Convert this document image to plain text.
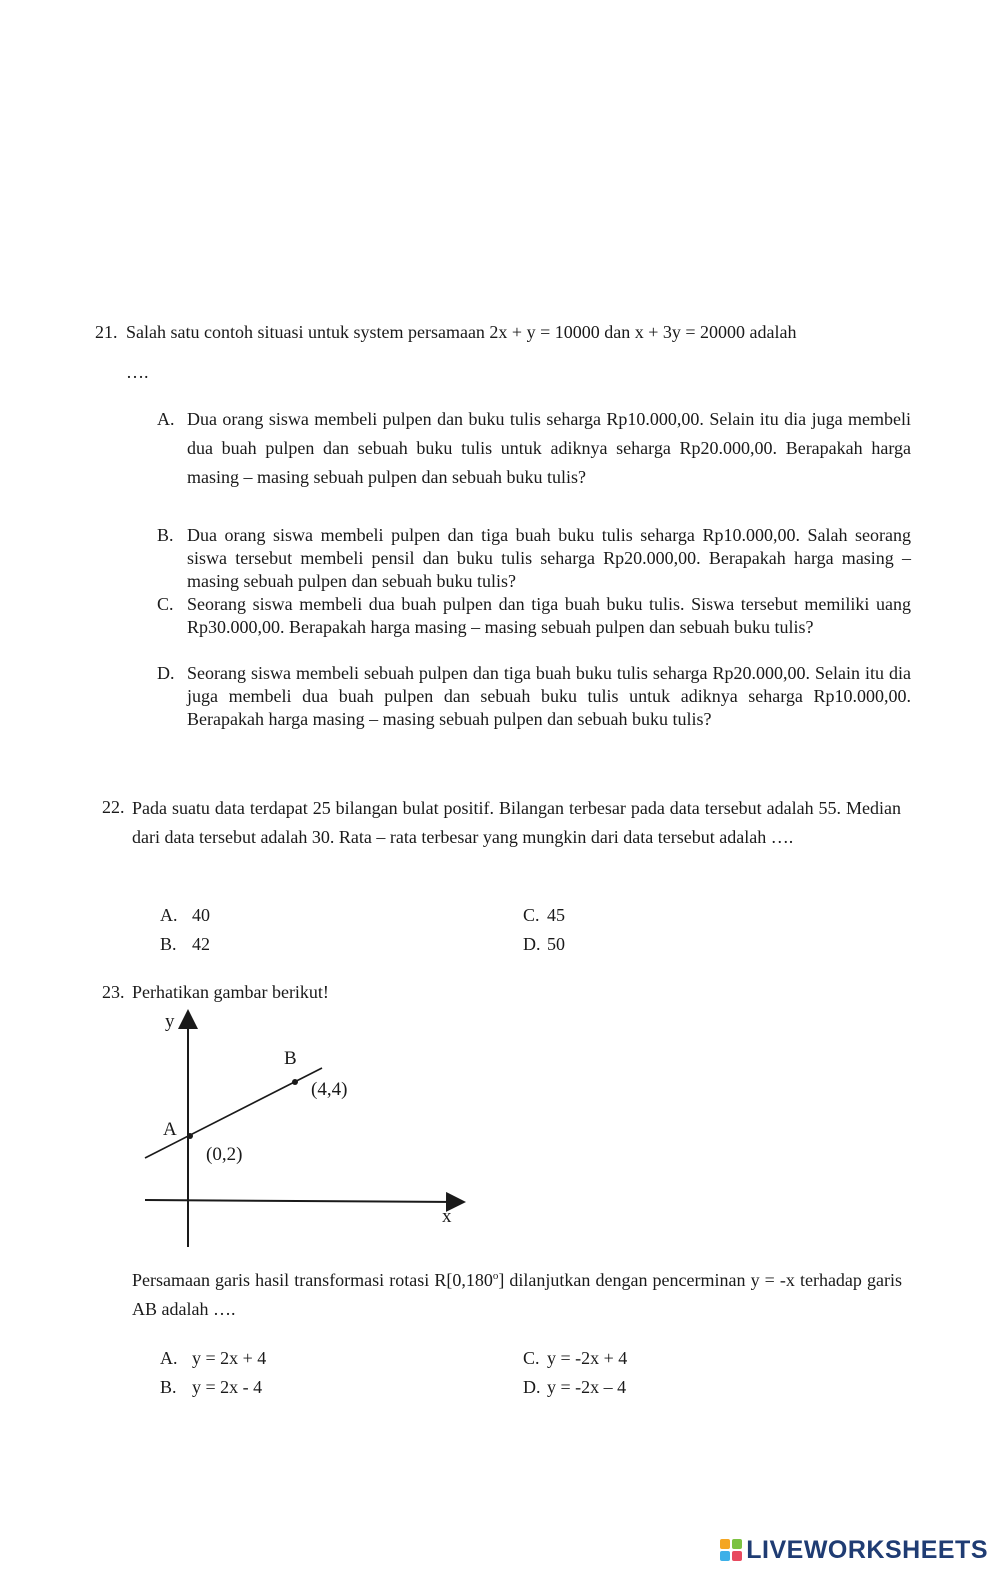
21. Salah satu contoh situasi untuk system persamaan 2x + y = 10000 dan x + 3y = 20000 adalah
….
A. Dua orang siswa membeli pulpen dan buku tulis seharga Rp10.000,00. Selain itu dia juga membeli dua buah pulpen dan sebuah buku tulis untuk adiknya seharga Rp20.000,00. Berapakah harga masing – masing sebuah pulpen dan sebuah buku tulis?
B. Dua orang siswa membeli pulpen dan tiga buah buku tulis seharga Rp10.000,00. Salah seorang siswa tersebut membeli pensil dan buku tulis seharga Rp20.000,00. Berapakah harga masing – masing sebuah pulpen dan sebuah buku tulis?
C. Seorang siswa membeli dua buah pulpen dan tiga buah buku tulis. Siswa tersebut memiliki uang Rp30.000,00. Berapakah harga masing – masing sebuah pulpen dan sebuah buku tulis?
D. Seorang siswa membeli sebuah pulpen dan tiga buah buku tulis seharga Rp20.000,00. Selain itu dia juga membeli dua buah pulpen dan sebuah buku tulis untuk adiknya seharga Rp10.000,00. Berapakah harga masing – masing sebuah pulpen dan sebuah buku tulis?
22. Pada suatu data terdapat 25 bilangan bulat positif. Bilangan terbesar pada data tersebut adalah 55. Median dari data tersebut adalah 30. Rata – rata terbesar yang mungkin dari data tersebut adalah ….
A. 40
B. 42
C. 45
D. 50
23. Perhatikan gambar berikut!
y
x
A
(0,2)
B
(4,4)
Persamaan garis hasil transformasi rotasi R[0,180$^o$] dilanjutkan dengan pencerminan y = -x terhadap garis AB adalah ….
A. y = 2x + 4
B. y = 2x - 4
C. y = -2x + 4
D. y = -2x – 4
LIVEWORKSHEETS
